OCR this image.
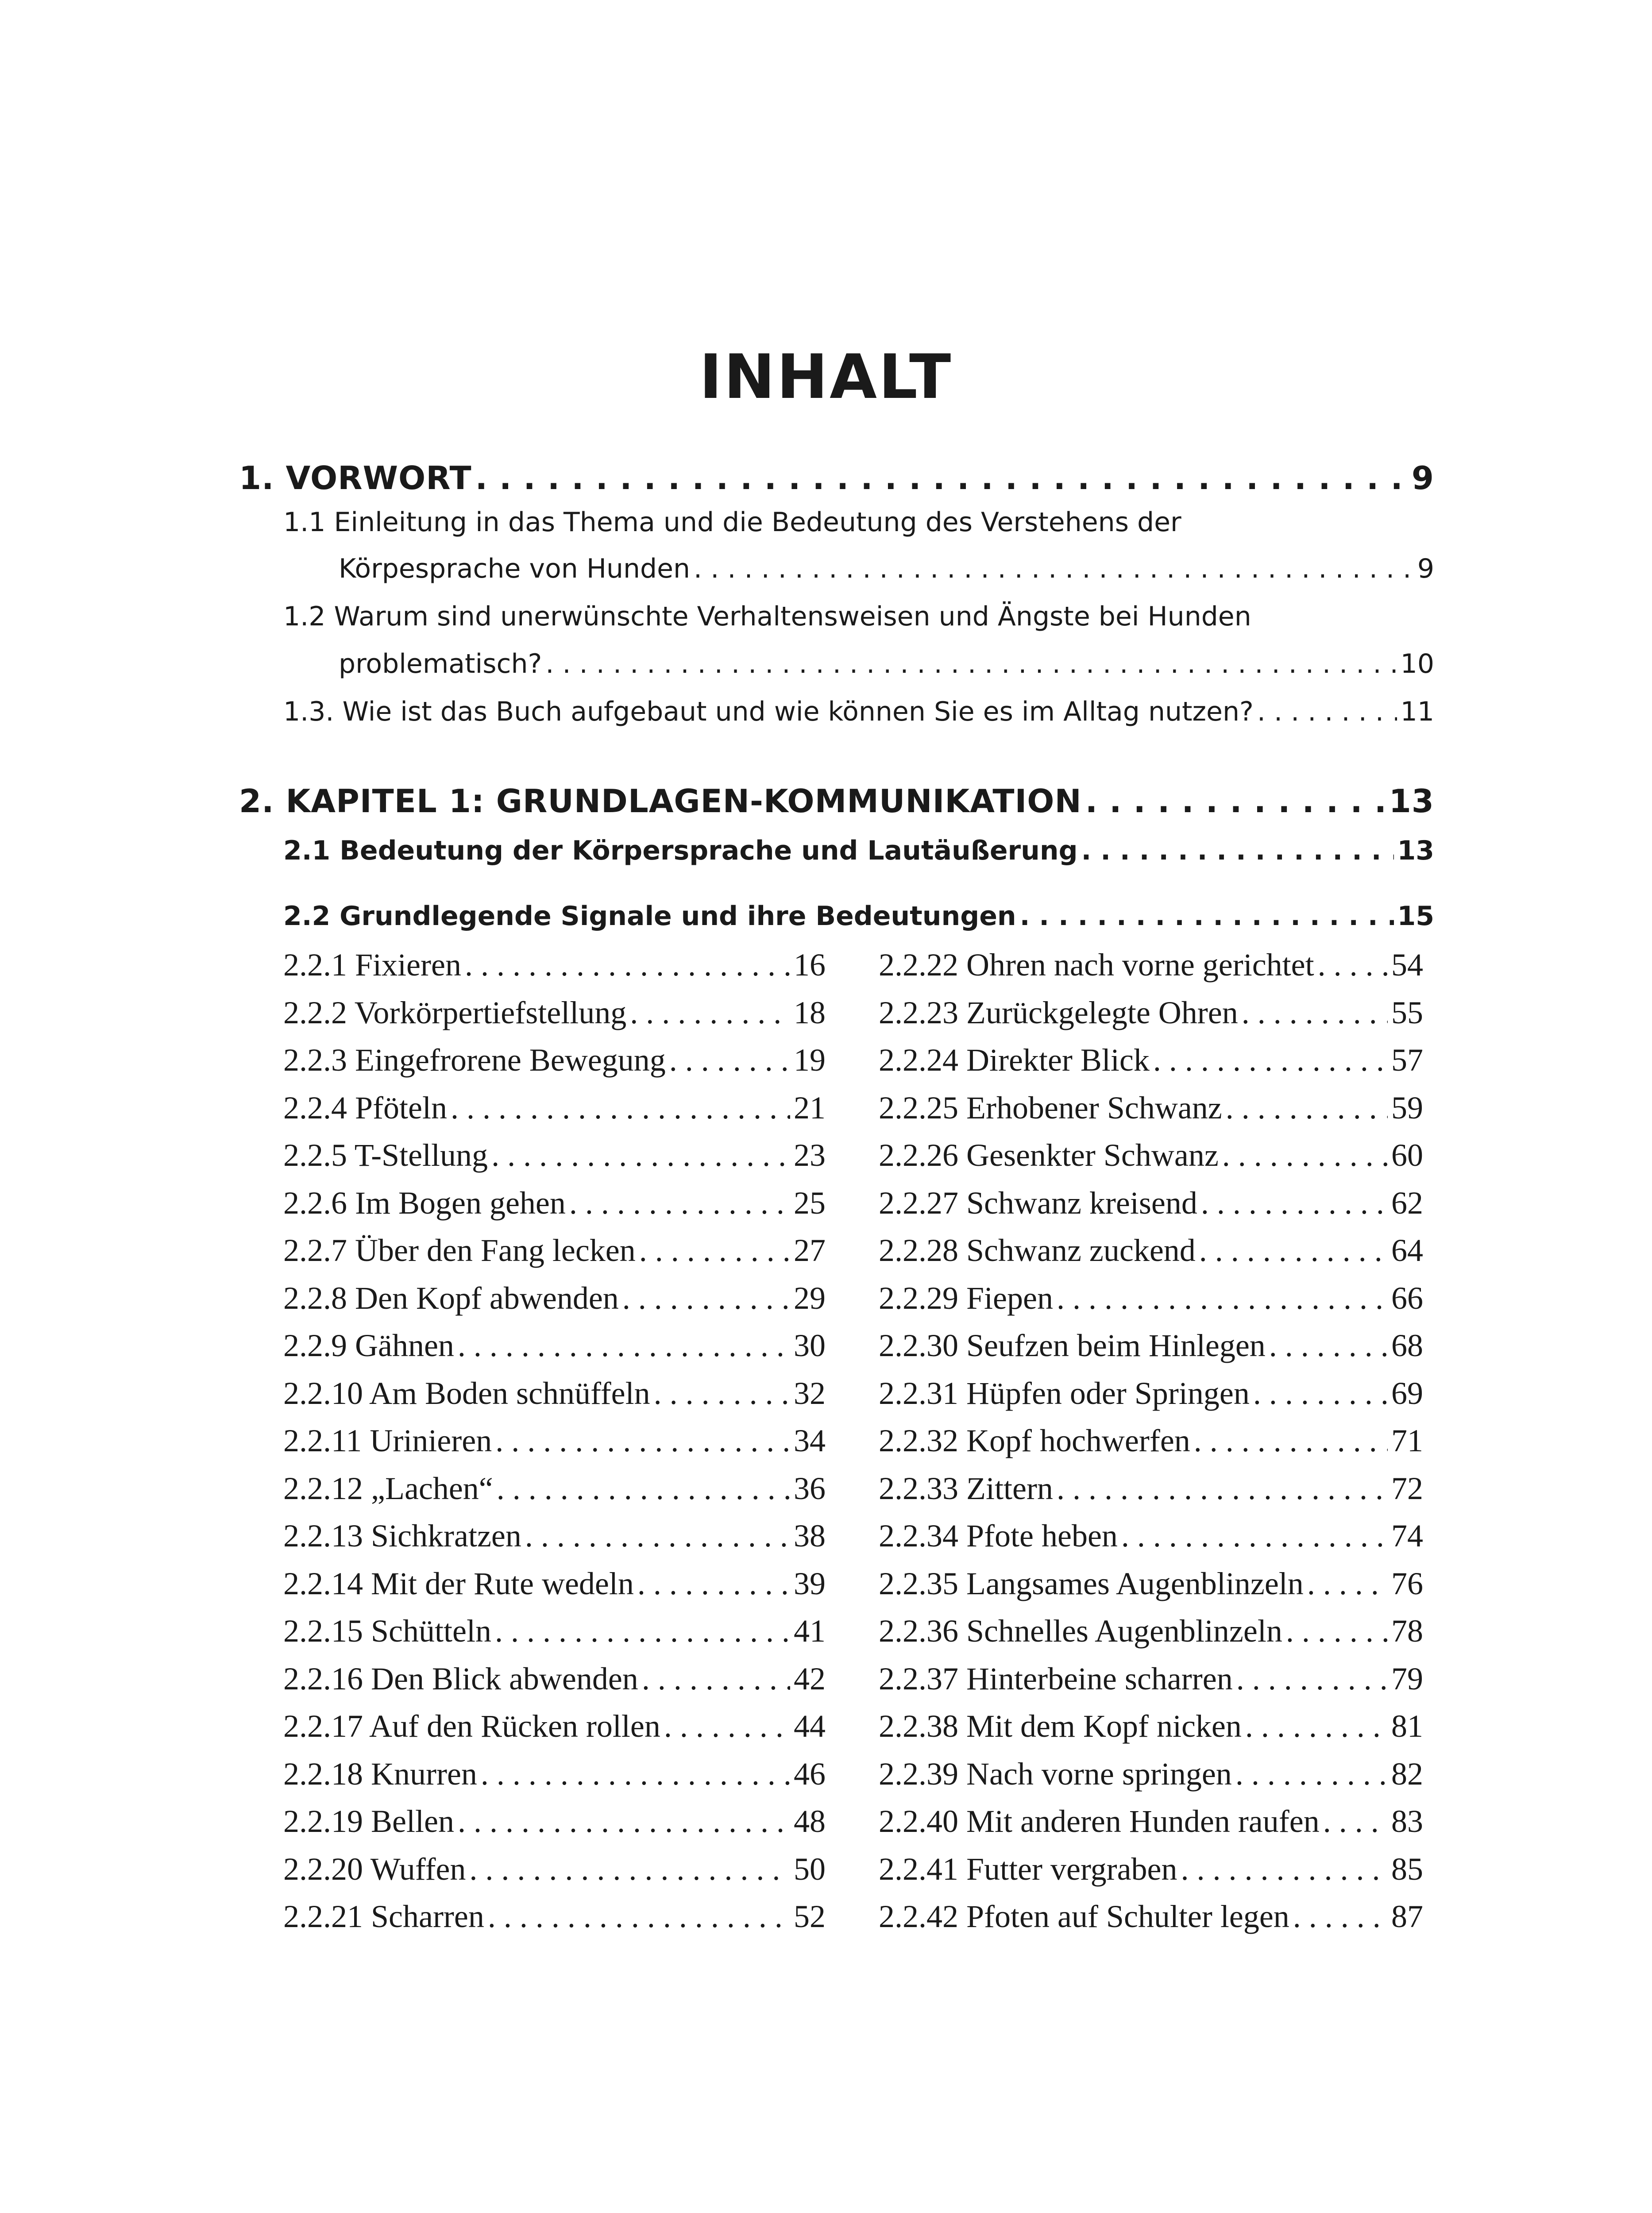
INHALT
1. VORWORT . . .	9
1.1 Einleitung in das Thema und die Bedeutung des Verstehens der
Körpesprache von Hunden . . .	9
1.2 Warum sind unerwünschte Verhaltensweisen und Ängste bei Hunden
problematisch? . . .	10
1.3. Wie ist das Buch aufgebaut und wie können Sie es im Alltag nutzen? . . .	11
2. KAPITEL 1: GRUNDLAGEN-KOMMUNIKATION . . .	13
2.1 Bedeutung der Körpersprache und Lautäußerung . . .	13
2.2 Grundlegende Signale und ihre Bedeutungen . . .	15
2.2.1 Fixieren . . .	16
2.2.2 Vorkörpertiefstellung . . .	18
2.2.3 Eingefrorene Bewegung . . .	19
2.2.4 Pföteln . . .	21
2.2.5 T-Stellung . . .	23
2.2.6 Im Bogen gehen . . .	25
2.2.7 Über den Fang lecken . . .	27
2.2.8 Den Kopf abwenden . . .	29
2.2.9 Gähnen . . .	30
2.2.10 Am Boden schnüffeln . . .	32
2.2.11 Urinieren . . .	34
2.2.12 „Lachen“ . . .	36
2.2.13 Sichkratzen . . .	38
2.2.14 Mit der Rute wedeln . . .	39
2.2.15 Schütteln . . .	41
2.2.16 Den Blick abwenden . . .	42
2.2.17 Auf den Rücken rollen . . .	44
2.2.18 Knurren . . .	46
2.2.19 Bellen . . .	48
2.2.20 Wuffen . . .	50
2.2.21 Scharren . . .	52
2.2.22 Ohren nach vorne gerichtet . . . 54
2.2.23 Zurückgelegte Ohren . . .	55
2.2.24 Direkter Blick . . .	57
2.2.25 Erhobener Schwanz . . .	59
2.2.26 Gesenkter Schwanz . . .	60
2.2.27 Schwanz kreisend . . .	62
2.2.28 Schwanz zuckend . . .	64
2.2.29 Fiepen . . .	66
2.2.30 Seufzen beim Hinlegen . . .	68
2.2.31 Hüpfen oder Springen . . .	69
2.2.32 Kopf hochwerfen . . .	71
2.2.33 Zittern . . .	72
2.2.34 Pfote heben . . .	74
2.2.35 Langsames Augenblinzeln . . .	76
2.2.36 Schnelles Augenblinzeln . . .	78
2.2.37 Hinterbeine scharren . . .	79
2.2.38 Mit dem Kopf nicken . . .	81
2.2.39 Nach vorne springen . . .	82
2.2.40 Mit anderen Hunden raufen . . . 83
2.2.41 Futter vergraben . . .	85
2.2.42 Pfoten auf Schulter legen . . .	87
